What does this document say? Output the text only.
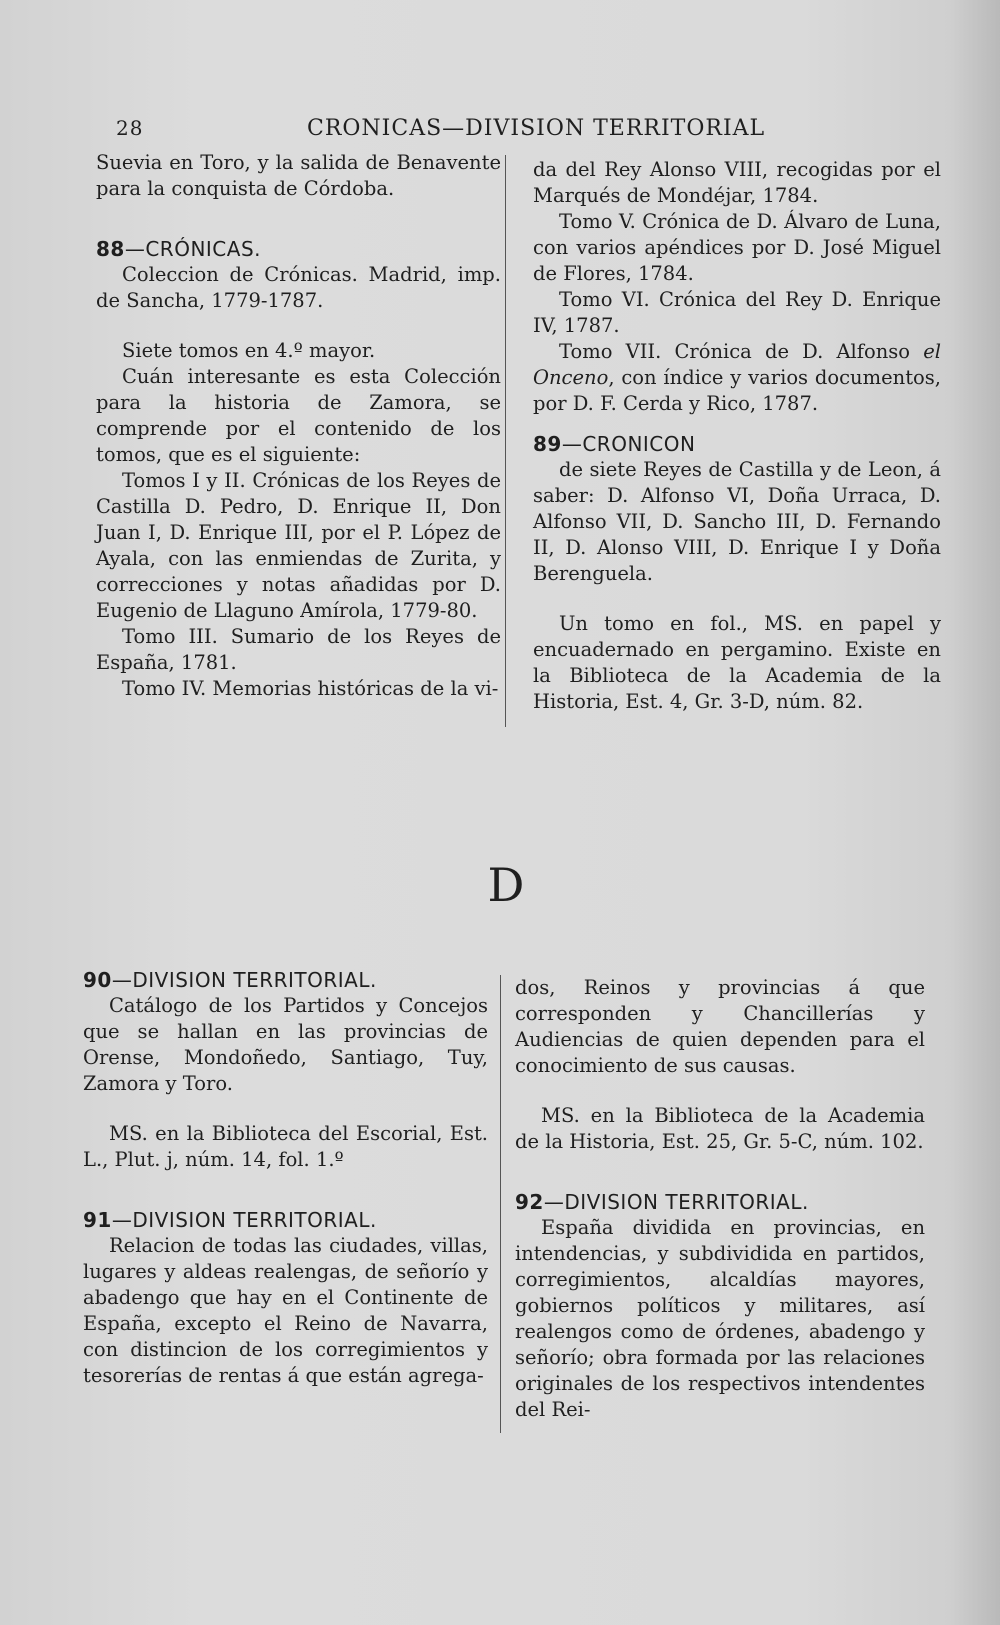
28	CRONICAS—DIVISION TERRITORIAL

Suevia en Toro, y la salida de Benavente para la conquista de Córdoba.

88—CRÓNICAS.

Coleccion de Crónicas. Madrid, imp. de Sancha, 1779-1787.

Siete tomos en 4.º mayor.

Cuán interesante es esta Colección para la historia de Zamora, se comprende por el contenido de los tomos, que es el siguiente:

Tomos I y II. Crónicas de los Reyes de Castilla D. Pedro, D. Enrique II, Don Juan I, D. Enrique III, por el P. López de Ayala, con las enmiendas de Zurita, y correcciones y notas añadidas por D. Eugenio de Llaguno Amírola, 1779-80.

Tomo III. Sumario de los Reyes de España, 1781.

Tomo IV. Memorias históricas de la vi-

da del Rey Alonso VIII, recogidas por el Marqués de Mondéjar, 1784.

Tomo V. Crónica de D. Álvaro de Luna, con varios apéndices por D. José Miguel de Flores, 1784.

Tomo VI. Crónica del Rey D. Enrique IV, 1787.

Tomo VII. Crónica de D. Alfonso el Onceno, con índice y varios documentos, por D. F. Cerda y Rico, 1787.

89—CRONICON

de siete Reyes de Castilla y de Leon, á saber: D. Alfonso VI, Doña Urraca, D. Alfonso VII, D. Sancho III, D. Fernando II, D. Alonso VIII, D. Enrique I y Doña Berenguela.

Un tomo en fol., MS. en papel y encuadernado en pergamino. Existe en la Biblioteca de la Academia de la Historia, Est. 4, Gr. 3-D, núm. 82.

D

90—DIVISION TERRITORIAL.

Catálogo de los Partidos y Concejos que se hallan en las provincias de Orense, Mondoñedo, Santiago, Tuy, Zamora y Toro.

MS. en la Biblioteca del Escorial, Est. L., Plut. j, núm. 14, fol. 1.º

91—DIVISION TERRITORIAL.

Relacion de todas las ciudades, villas, lugares y aldeas realengas, de señorío y abadengo que hay en el Continente de España, excepto el Reino de Navarra, con distincion de los corregimientos y tesorerías de rentas á que están agrega-

dos, Reinos y provincias á que corresponden y Chancillerías y Audiencias de quien dependen para el conocimiento de sus causas.

MS. en la Biblioteca de la Academia de la Historia, Est. 25, Gr. 5-C, núm. 102.

92—DIVISION TERRITORIAL.

España dividida en provincias, en intendencias, y subdividida en partidos, corregimientos, alcaldías mayores, gobiernos políticos y militares, así realengos como de órdenes, abadengo y señorío; obra formada por las relaciones originales de los respectivos intendentes del Rei-
